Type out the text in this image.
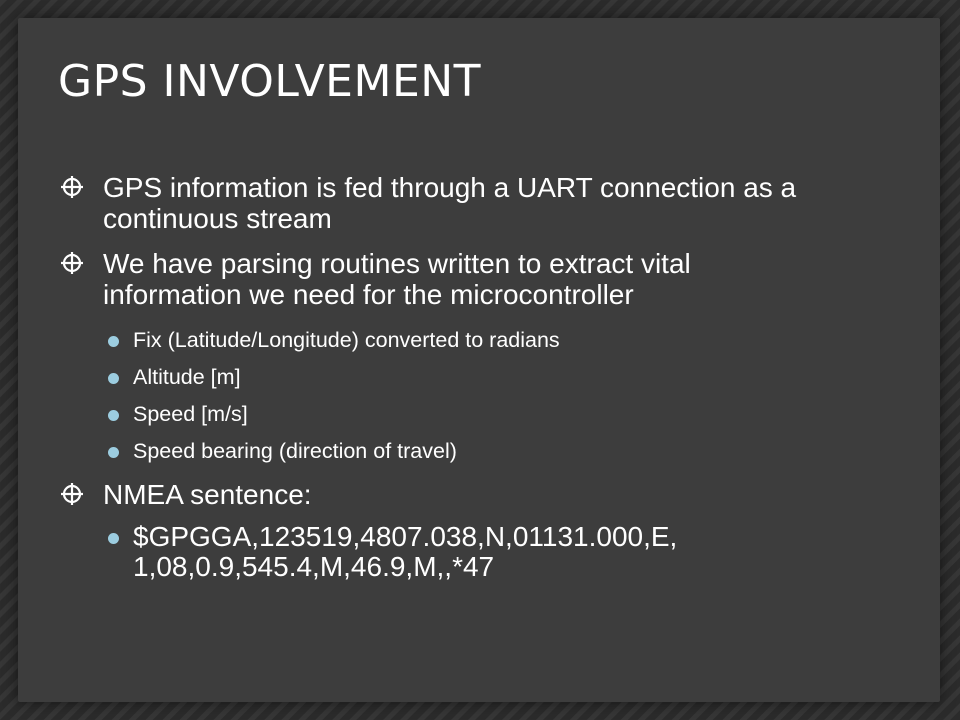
GPS INVOLVEMENT
GPS information is fed through a UART connection as a continuous stream
We have parsing routines written to extract vital information we need for the microcontroller
Fix (Latitude/Longitude) converted to radians
Altitude [m]
Speed [m/s]
Speed bearing (direction of travel)
NMEA sentence:
$GPGGA,123519,4807.038,N,01131.000,E, 1,08,0.9,545.4,M,46.9,M,,*47
